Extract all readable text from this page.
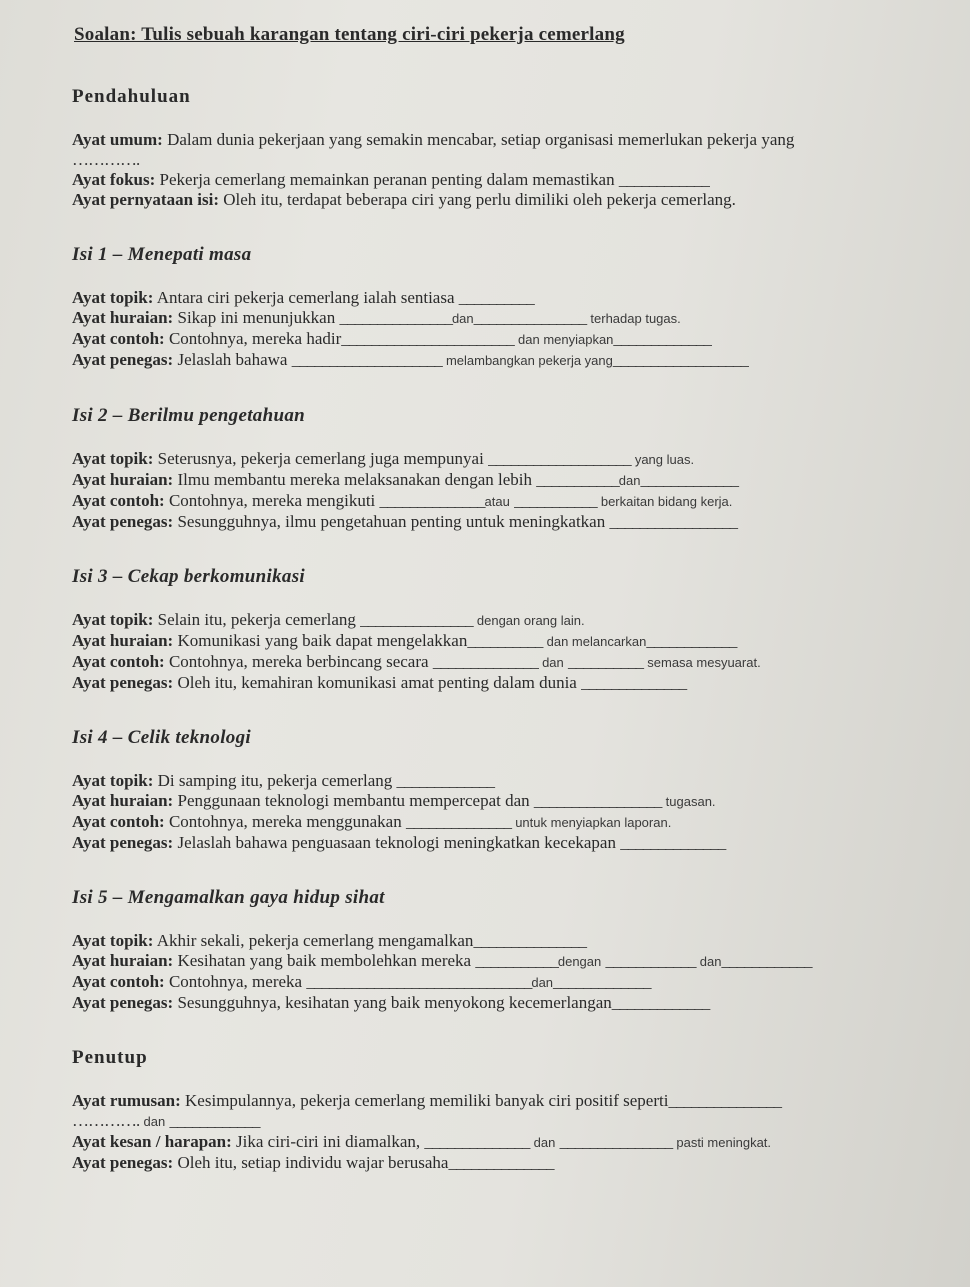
Soalan: Tulis sebuah karangan tentang ciri-ciri pekerja cemerlang

Pendahuluan

Ayat umum: Dalam dunia pekerjaan yang semakin mencabar, setiap organisasi memerlukan pekerja yang

………….

Ayat fokus: Pekerja cemerlang memainkan peranan penting dalam memastikan ____________

Ayat pernyataan isi: Oleh itu, terdapat beberapa ciri yang perlu dimiliki oleh pekerja cemerlang.

Isi 1 – Menepati masa

Ayat topik: Antara ciri pekerja cemerlang ialah sentiasa __________

Ayat huraian: Sikap ini menunjukkan _______________dan_______________ terhadap tugas.

Ayat contoh: Contohnya, mereka hadir_______________________ dan menyiapkan_____________

Ayat penegas: Jelaslah bahawa ____________________ melambangkan pekerja yang__________________

Isi 2 – Berilmu pengetahuan

Ayat topik: Seterusnya, pekerja cemerlang juga mempunyai ___________________ yang luas.

Ayat huraian: Ilmu membantu mereka melaksanakan dengan lebih ___________dan_____________

Ayat contoh: Contohnya, mereka mengikuti ______________atau ___________ berkaitan bidang kerja.

Ayat penegas: Sesungguhnya, ilmu pengetahuan penting untuk meningkatkan _________________

Isi 3 – Cekap berkomunikasi

Ayat topik: Selain itu, pekerja cemerlang _______________ dengan orang lain.

Ayat huraian: Komunikasi yang baik dapat mengelakkan__________ dan melancarkan____________

Ayat contoh: Contohnya, mereka berbincang secara ______________ dan __________ semasa mesyuarat.

Ayat penegas: Oleh itu, kemahiran komunikasi amat penting dalam dunia ______________

Isi 4 – Celik teknologi

Ayat topik: Di samping itu, pekerja cemerlang _____________

Ayat huraian: Penggunaan teknologi membantu mempercepat dan _________________ tugasan.

Ayat contoh: Contohnya, mereka menggunakan ______________ untuk menyiapkan laporan.

Ayat penegas: Jelaslah bahawa penguasaan teknologi meningkatkan kecekapan ______________

Isi 5 – Mengamalkan gaya hidup sihat

Ayat topik: Akhir sekali, pekerja cemerlang mengamalkan_______________

Ayat huraian: Kesihatan yang baik membolehkan mereka ___________dengan ____________ dan____________

Ayat contoh: Contohnya, mereka ______________________________dan_____________

Ayat penegas: Sesungguhnya, kesihatan yang baik menyokong kecemerlangan_____________

Penutup

Ayat rumusan: Kesimpulannya, pekerja cemerlang memiliki banyak ciri positif seperti_______________

…………. dan ____________

Ayat kesan / harapan: Jika ciri-ciri ini diamalkan, ______________ dan _______________ pasti meningkat.

Ayat penegas: Oleh itu, setiap individu wajar berusaha______________
